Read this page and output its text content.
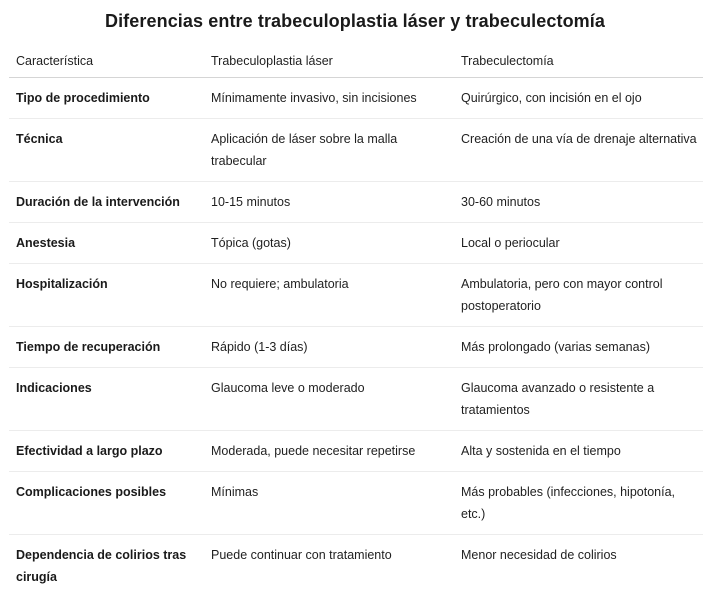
Diferencias entre trabeculoplastia láser y trabeculectomía
Característica	Trabeculoplastia láser	Trabeculectomía
Tipo de procedimiento	Mínimamente invasivo, sin incisiones	Quirúrgico, con incisión en el ojo
Técnica	Aplicación de láser sobre la malla trabecular	Creación de una vía de drenaje alternativa
Duración de la intervención	10-15 minutos	30-60 minutos
Anestesia	Tópica (gotas)	Local o periocular
Hospitalización	No requiere; ambulatoria	Ambulatoria, pero con mayor control postoperatorio
Tiempo de recuperación	Rápido (1-3 días)	Más prolongado (varias semanas)
Indicaciones	Glaucoma leve o moderado	Glaucoma avanzado o resistente a tratamientos
Efectividad a largo plazo	Moderada, puede necesitar repetirse	Alta y sostenida en el tiempo
Complicaciones posibles	Mínimas	Más probables (infecciones, hipotonía, etc.)
Dependencia de colirios tras cirugía	Puede continuar con tratamiento	Menor necesidad de colirios
